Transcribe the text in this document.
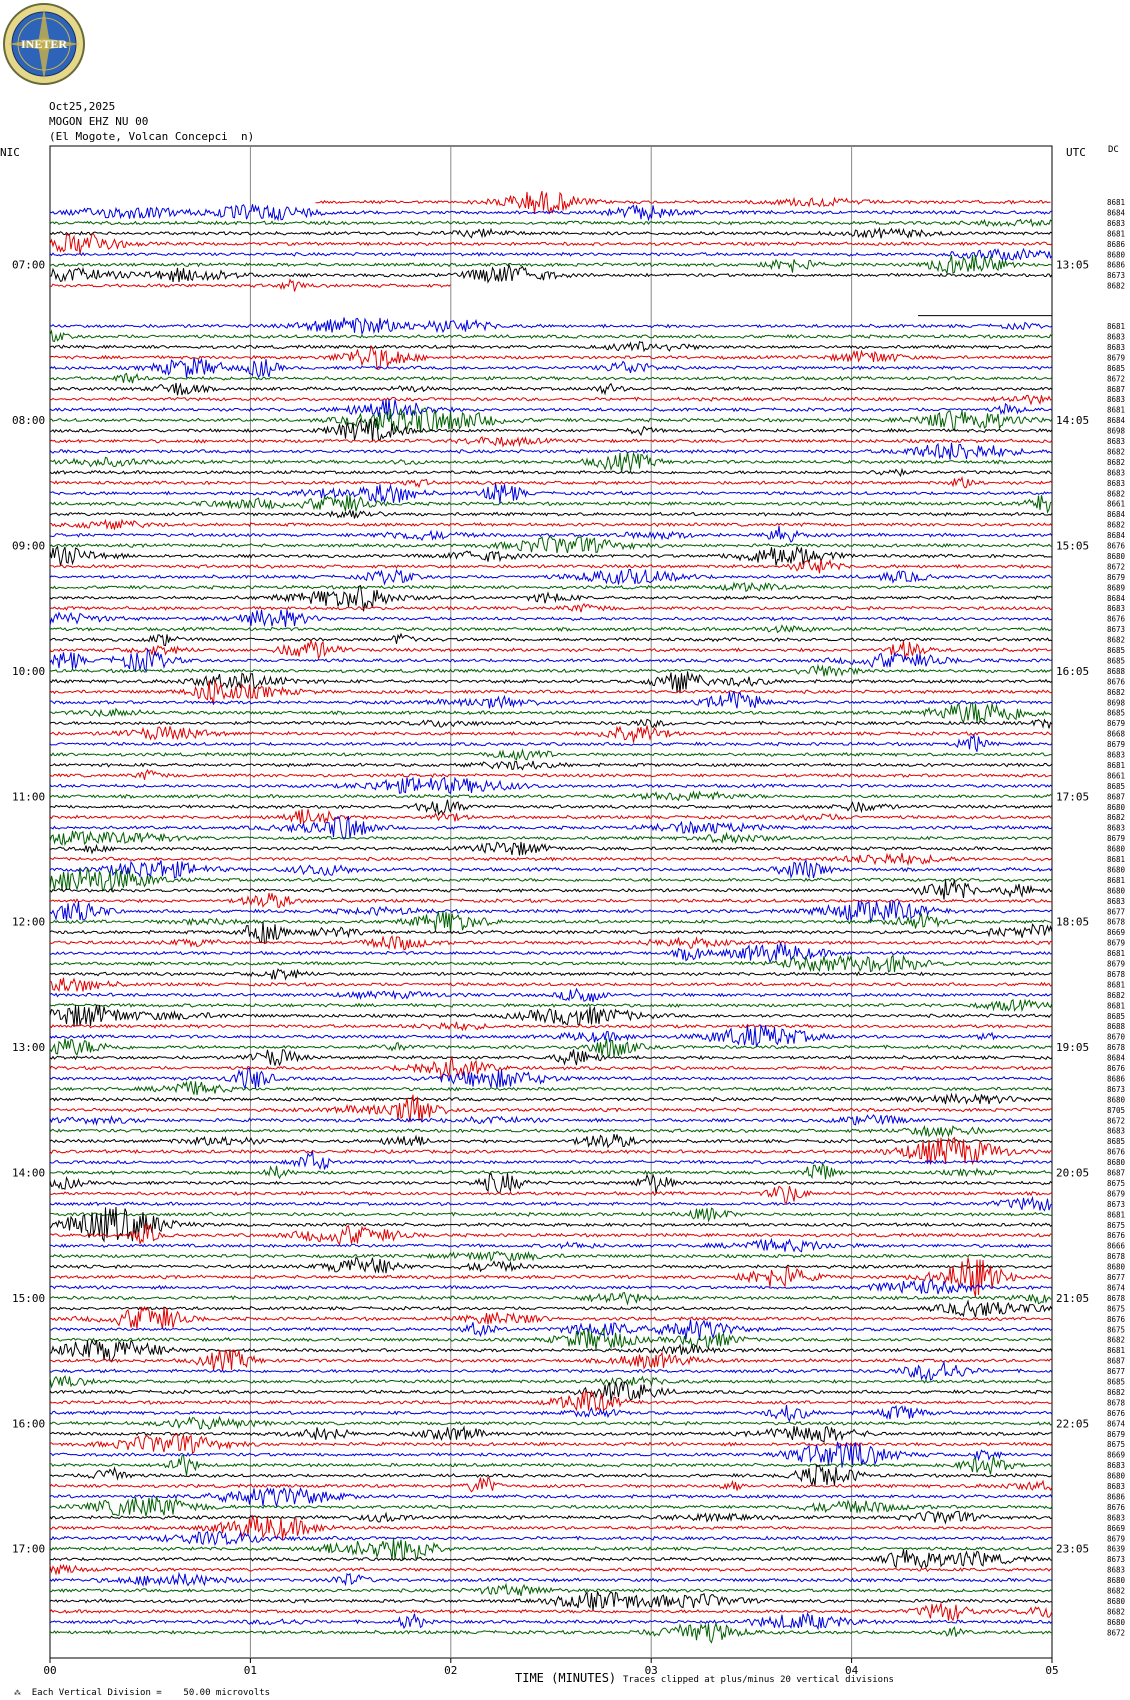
INETER
Oct25,2025
MOGON EHZ NU 00
(El Mogote, Volcan Concepci  n)
NIC	UTC DC
00	01	02	03	04	05
8681
8684
8683
8681
8686
8680
8686
8673
8682
8681
8683
8683
8679
8685
8672
8687
8683
8681
8684
8698
8683
8682
8682
8683
8683
8682
8661
8684
8682
8684
8676
8680
8672
8679
8689
8684
8683
8676
8673
8682
8685
8685
8688
8676
8682
8698
8685
8679
8668
8679
8683
8681
8661
8685
8687
8680
8682
8683
8679
8680
8681
8680
8681
8680
8683
8677
8678
8669
8679
8681
8679
8678
8681
8682
8681
8685
8688
8670
8678
8684
8676
8686
8673
8680
8705
8672
8683
8685
8676
8680
8687
8675
8679
8673
8681
8675
8676
8666
8678
8680
8677
8674
8678
8675
8676
8675
8682
8681
8687
8677
8685
8682
8678
8676
8674
8679
8675
8669
8683
8680
8683
8686
8676
8683
8669
8679
8639
8673
8683
8680
8682
8680
8682
8680
8672
07:00	13:05
08:00	14:05
09:00	15:05
10:00	16:05
11:00	17:05
12:00	18:05
13:00	19:05
14:00	20:05
15:00	21:05
16:00	22:05
17:00	23:05

⁂ Each Vertical Division =    50.00 microvolts

TIME (MINUTES) Traces clipped at plus/minus 20 vertical divisions
